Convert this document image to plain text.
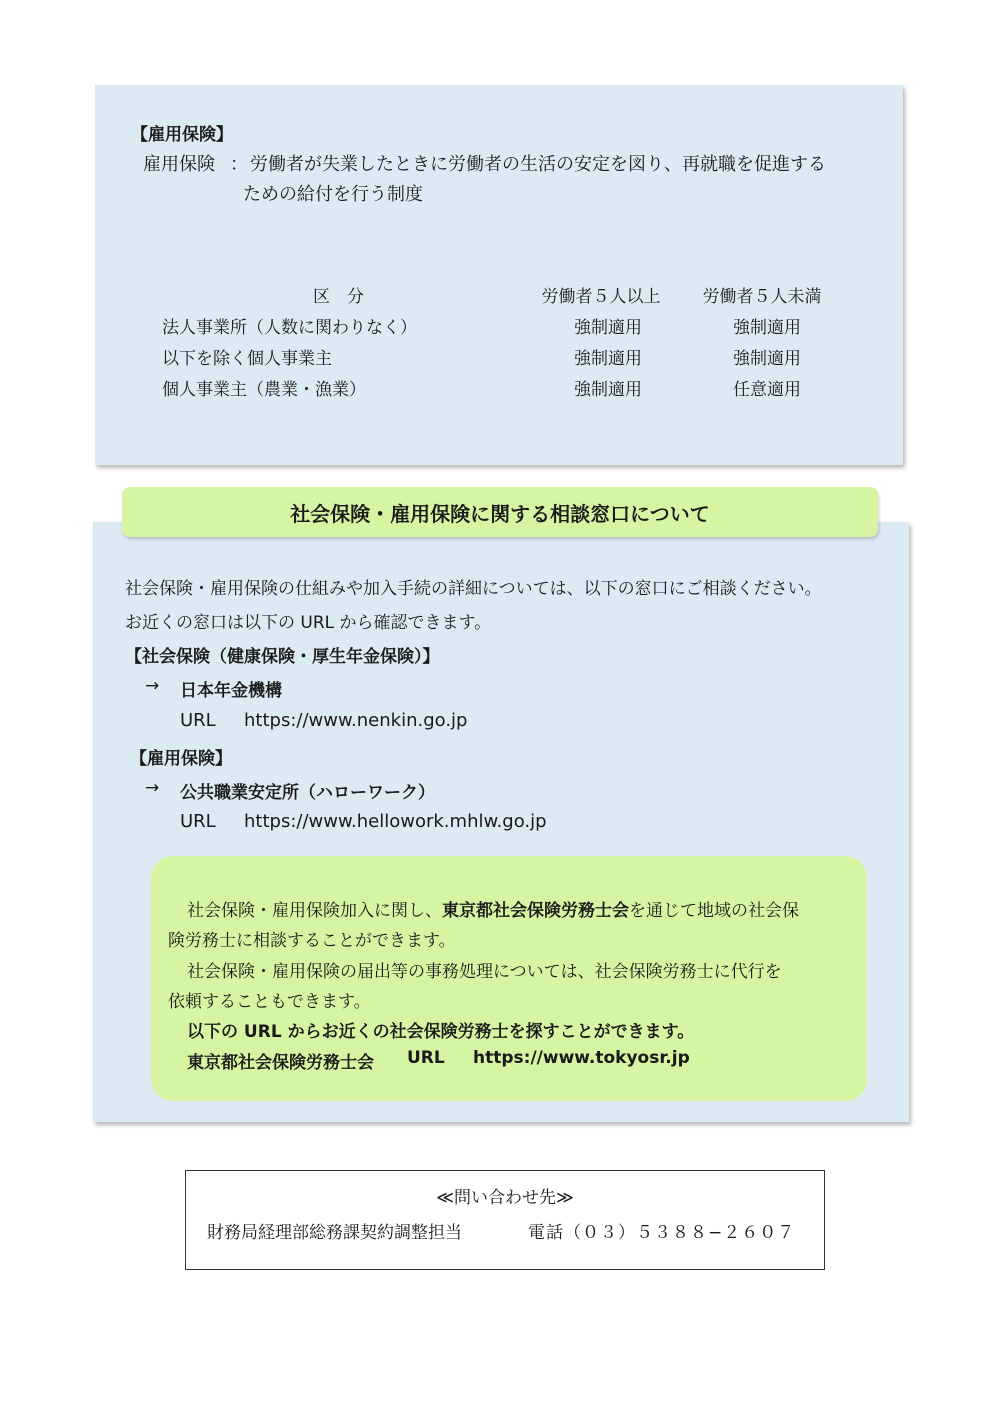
【雇用保険】
雇用保険 ： 労働者が失業したときに労働者の生活の安定を図り、再就職を促進する
ための給付を行う制度
区　分	労働者５人以上	労働者５人未満
法人事業所（人数に関わりなく）	強制適用	強制適用
以下を除く個人事業主	強制適用	強制適用
個人事業主（農業・漁業）	強制適用	任意適用
社会保険・雇用保険に関する相談窓口について
社会保険・雇用保険の仕組みや加入手続の詳細については、以下の窓口にご相談ください。
お近くの窓口は以下の URL から確認できます。
【社会保険（健康保険・厚生年金保険）】
→ 日本年金機構
URL https://www.nenkin.go.jp
【雇用保険】
→ 公共職業安定所（ハローワーク）
URL https://www.hellowork.mhlw.go.jp
社会保険・雇用保険加入に関し、東京都社会保険労務士会を通じて地域の社会保
険労務士に相談することができます。
社会保険・雇用保険の届出等の事務処理については、社会保険労務士に代行を
依頼することもできます。
以下の URL からお近くの社会保険労務士を探すことができます。
東京都社会保険労務士会 URL https://www.tokyosr.jp
≪問い合わせ先≫
財務局経理部総務課契約調整担当	電話（０３）５３８８−２６０７
